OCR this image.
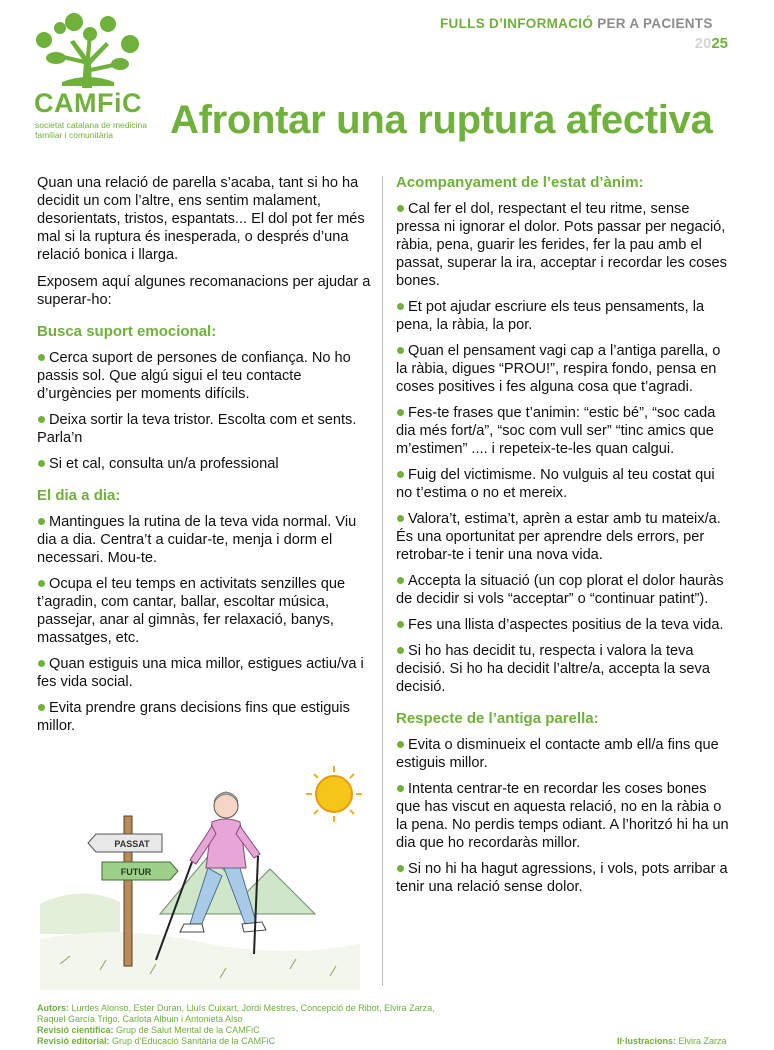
FULLS D’INFORMACIÓ PER A PACIENTS
2025
CAMFiC
societat catalana de medicina
familiar i comunitària	Afrontar una ruptura afectiva

Quan una relació de parella s’acaba, tant si ho ha decidit un com l’altre, ens sentim malament, desorientats, tristos, espantats... El dol pot fer més mal si la ruptura és inesperada, o després d’una relació bonica i llarga.

Exposem aquí algunes recomanacions per ajudar a superar-ho:

Busca suport emocional:
Cerca suport de persones de confiança. No ho passis sol. Que algú sigui el teu contacte d’urgències per moments difícils.
Deixa sortir la teva tristor. Escolta com et sents. Parla’n
Si et cal, consulta un/a professional
El dia a dia:
Mantingues la rutina de la teva vida normal. Viu dia a dia. Centra’t a cuidar-te, menja i dorm el necessari. Mou-te.
Ocupa el teu temps en activitats senzilles que t’agradin, com cantar, ballar, escoltar música, passejar, anar al gimnàs, fer relaxació, banys, massatges, etc.
Quan estiguis una mica millor, estigues actiu/va i fes vida social.
Evita prendre grans decisions fins que estiguis millor.
PASSAT
FUTUR
Acompanyament de l’estat d’ànim:
Cal fer el dol, respectant el teu ritme, sense pressa ni ignorar el dolor. Pots passar per negació, ràbia, pena, guarir les ferides, fer la pau amb el passat, superar la ira, acceptar i recordar les coses bones.
Et pot ajudar escriure els teus pensaments, la pena, la ràbia, la por.
Quan el pensament vagi cap a l’antiga parella, o la ràbia, digues “PROU!”, respira fondo, pensa en coses positives i fes alguna cosa que t’agradi.
Fes-te frases que t’animin: “estic bé”, “soc cada dia més fort/a”, “soc com vull ser” “tinc amics que m’estimen” .... i repeteix-te-les quan calgui.
Fuig del victimisme. No vulguis al teu costat qui no t’estima o no et mereix.
Valora’t, estima’t, aprèn a estar amb tu mateix/a. És una oportunitat per aprendre dels errors, per retrobar-te i tenir una nova vida.
Accepta la situació (un cop plorat el dolor hauràs de decidir si vols “acceptar” o “continuar patint”).
Fes una llista d’aspectes positius de la teva vida.
Si ho has decidit tu, respecta i valora la teva decisió. Si ho ha decidit l’altre/a, accepta la seva decisió.
Respecte de l’antiga parella:
Evita o disminueix el contacte amb ell/a fins que estiguis millor.
Intenta centrar-te en recordar les coses bones que has viscut en aquesta relació, no en la ràbia o la pena. No perdis temps odiant. A l’horitzó hi ha un dia que ho recordaràs millor.
Si no hi ha hagut agressions, i vols, pots arribar a tenir una relació sense dolor.
Autors: Lurdes Alonso, Ester Duran, Lluís Cuixart, Jordi Mestres, Concepció de Ribot, Elvira Zarza,
Raquel García Trigo, Carlota Albuin i Antonieta Also
Revisió científica: Grup de Salut Mental de la CAMFiC
Revisió editorial: Grup d’Educació Sanitària de la CAMFiC	Il·lustracions: Elvira Zarza
